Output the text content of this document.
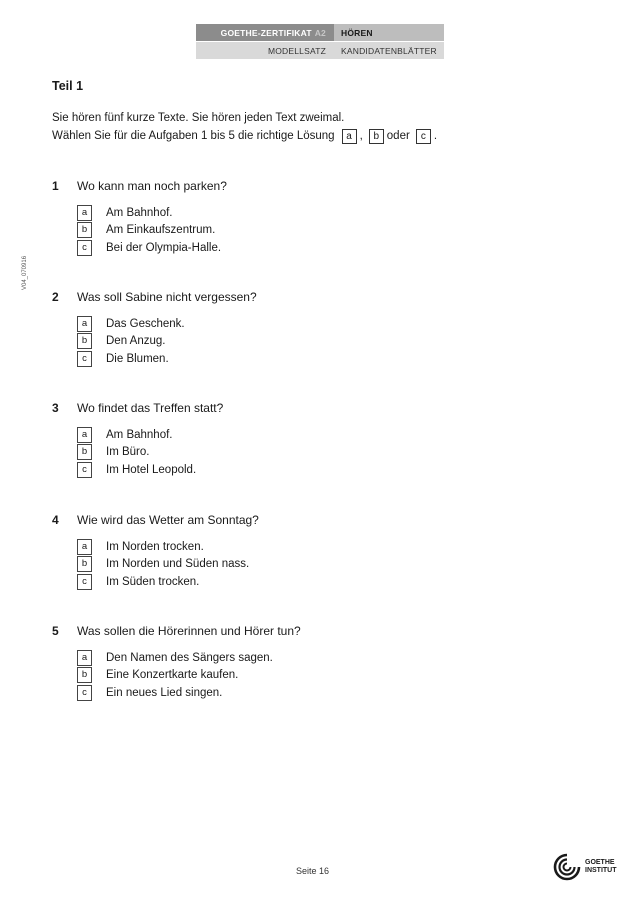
GOETHE-ZERTIFIKAT A2	HÖREN
MODELLSATZ	KANDIDATENBLÄTTER
V04_070916
Teil 1
Sie hören fünf kurze Texte. Sie hören jeden Text zweimal.
Wählen Sie für die Aufgaben 1 bis 5 die richtige Lösung	a ,	b oder	c .
1	Wo kann man noch parken?
a	Am Bahnhof.
b	Am Einkaufszentrum.
c	Bei der Olympia-Halle.
2	Was soll Sabine nicht vergessen?
a	Das Geschenk.
b	Den Anzug.
c	Die Blumen.
3	Wo findet das Treffen statt?
a	Am Bahnhof.
b	Im Büro.
c	Im Hotel Leopold.
4	Wie wird das Wetter am Sonntag?
a	Im Norden trocken.
b	Im Norden und Süden nass.
c	Im Süden trocken.
5	Was sollen die Hörerinnen und Hörer tun?
a	Den Namen des Sängers sagen.
b	Eine Konzertkarte kaufen.
c	Ein neues Lied singen.
Seite 16
GOETHE
INSTITUT
